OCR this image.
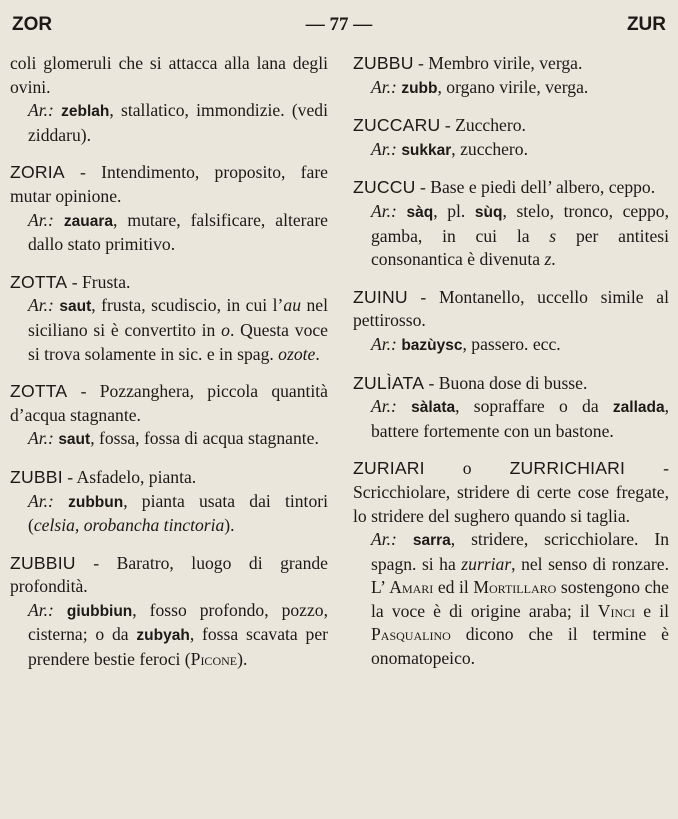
ZOR	— 77 —	ZUR

coli glomeruli che si attacca alla lana degli ovini.
Ar.: zeblah, stallatico, immondizie. (vedi ziddaru).

ZORIA - Intendimento, proposito, fare mutar opinione.
Ar.: zauara, mutare, falsificare, alterare dallo stato primitivo.

ZOTTA - Frusta.
Ar.: saut, frusta, scudiscio, in cui l’au nel siciliano si è convertito in o. Questa voce si trova solamente in sic. e in spag. ozote.

ZOTTA - Pozzanghera, piccola quantità d’acqua stagnante.
Ar.: saut, fossa, fossa di acqua stagnante.

ZUBBI - Asfadelo, pianta.
Ar.: zubbun, pianta usata dai tintori (celsia, orobancha tinctoria).

ZUBBIU - Baratro, luogo di grande profondità.
Ar.: giubbiun, fosso profondo, pozzo, cisterna; o da zubyah, fossa scavata per prendere bestie feroci (Picone).

ZUBBU - Membro virile, verga.
Ar.: zubb, organo virile, verga.

ZUCCARU - Zucchero.
Ar.: sukkar, zucchero.

ZUCCU - Base e piedi dell’ albero, ceppo.
Ar.: sàq, pl. sùq, stelo, tronco, ceppo, gamba, in cui la s per antitesi consonantica è divenuta z.

ZUINU - Montanello, uccello simile al pettirosso.
Ar.: bazùysc, passero. ecc.

ZULÌATA - Buona dose di busse.
Ar.: sàlata, sopraffare o da zallada, battere fortemente con un bastone.

ZURIARI o ZURRICHIARI - Scricchiolare, stridere di certe cose fregate, lo stridere del sughero quando si taglia.
Ar.: sarra, stridere, scricchiolare. In spagn. si ha zurriar, nel senso di ronzare. L’ Amari ed il Mortillaro sostengono che la voce è di origine araba; il Vinci e il Pasqualino dicono che il termine è onomatopeico.
